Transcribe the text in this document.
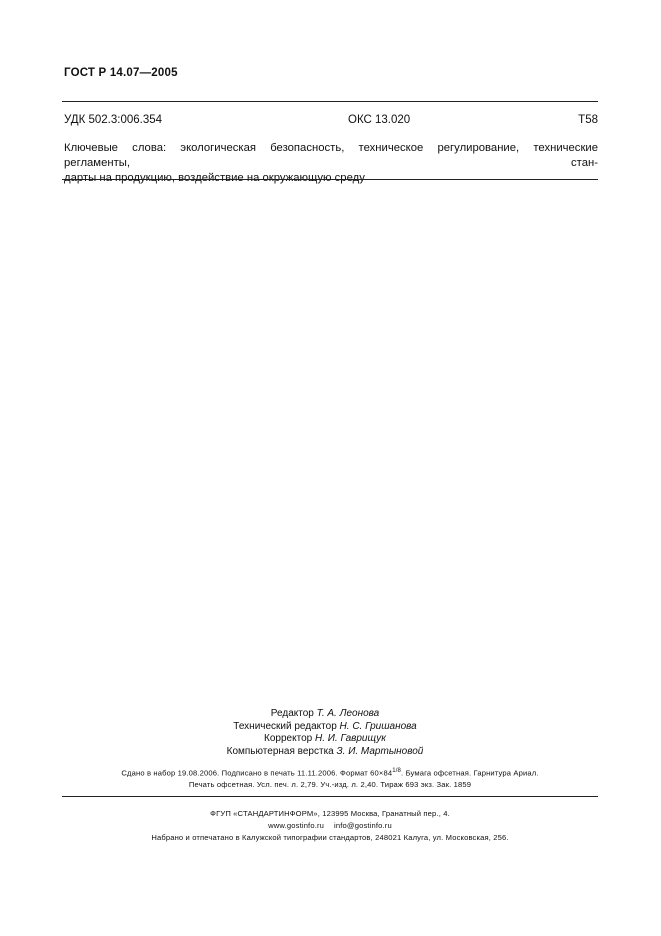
ГОСТ Р 14.07—2005
УДК 502.3:006.354	ОКС 13.020	Т58
Ключевые слова: экологическая безопасность, техническое регулирование, технические регламенты, стан-
дарты на продукцию, воздействие на окружающую среду
Редактор Т. А. Леонова
Технический редактор Н. С. Гришанова
Корректор Н. И. Гаврищук
Компьютерная верстка З. И. Мартыновой
Сдано в набор 19.08.2006. Подписано в печать 11.11.2006. Формат $60\times 84^{1/8}$. Бумага офсетная. Гарнитура Ариал.
Печать офсетная. Усл. печ. л. 2,79. Уч.-изд. л. 2,40. Тираж 693 экз. Зак. 1859
ФГУП «СТАНДАРТИНФОРМ», 123995 Москва, Гранатный пер., 4.
www.gostinfo.ru info@gostinfo.ru
Набрано и отпечатано в Калужской типографии стандартов, 248021 Калуга, ул. Московская, 256.
